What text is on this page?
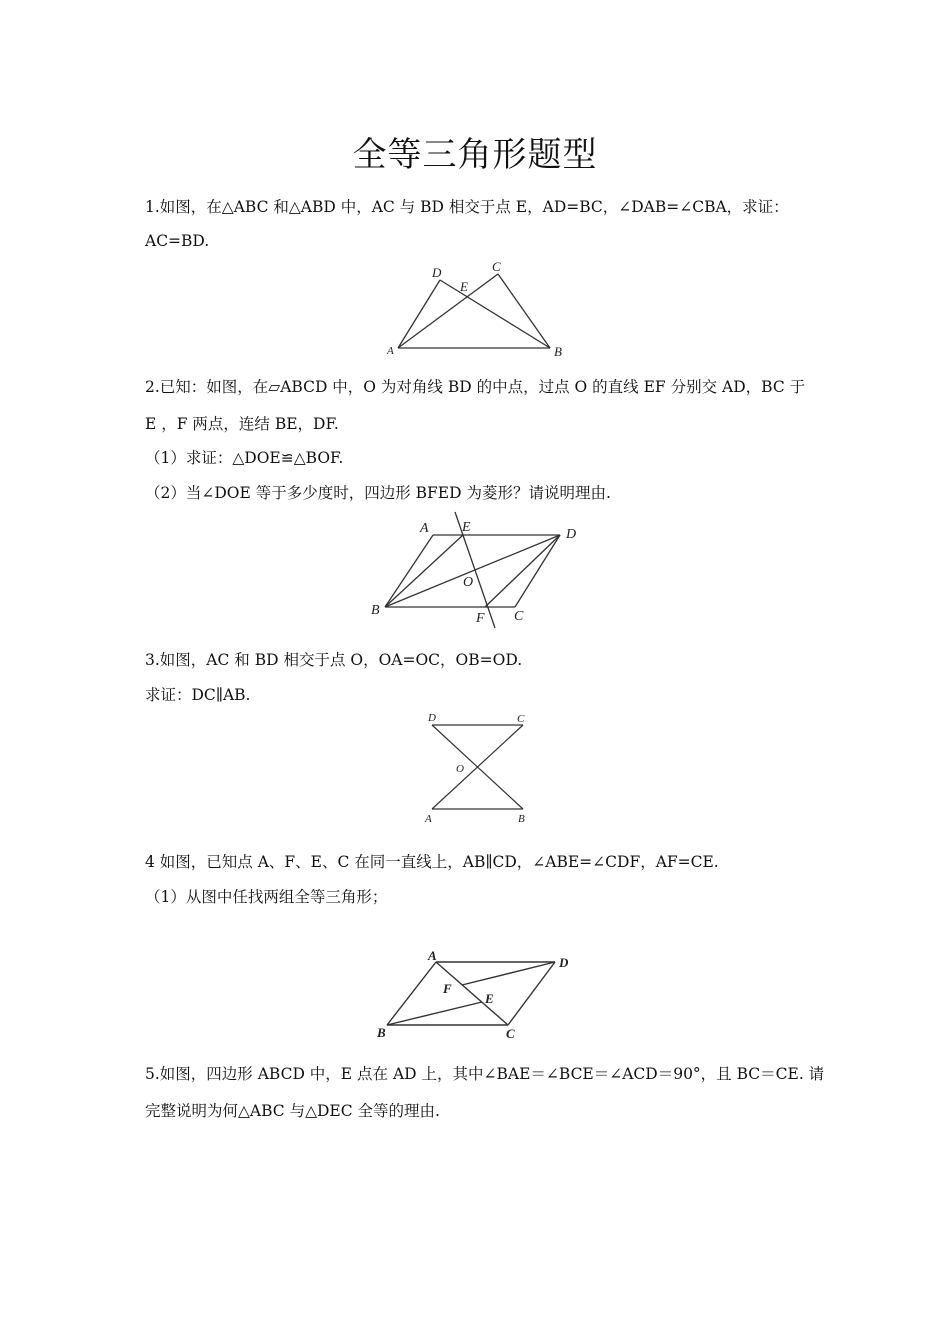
全等三角形题型
1.如图，在△ABC 和△ABD 中，AC 与 BD 相交于点 E，AD=BC，∠DAB=∠CBA，求证：
AC=BD.
D
E
C
A	B
2.已知：如图，在▱ABCD 中，O 为对角线 BD 的中点，过点 O 的直线 EF 分别交 AD，BC 于
E ，F 两点，连结 BE，DF.
（1）求证：△DOE≌△BOF.
（2）当∠DOE 等于多少度时，四边形 BFED 为菱形？请说明理由.
A E	D
O
B
F C
3.如图，AC 和 BD 相交于点 O，OA=OC，OB=OD.
求证：DC∥AB.
D	C
O
A	B
4 如图，已知点 A、F、E、C 在同一直线上，AB∥CD，∠ABE=∠CDF，AF=CE.
（1）从图中任找两组全等三角形；
A	D
F
E
B	C
5.如图，四边形 ABCD 中，E 点在 AD 上，其中∠BAE＝∠BCE＝∠ACD＝90°，且 BC＝CE. 请
完整说明为何△ABC 与△DEC 全等的理由.
